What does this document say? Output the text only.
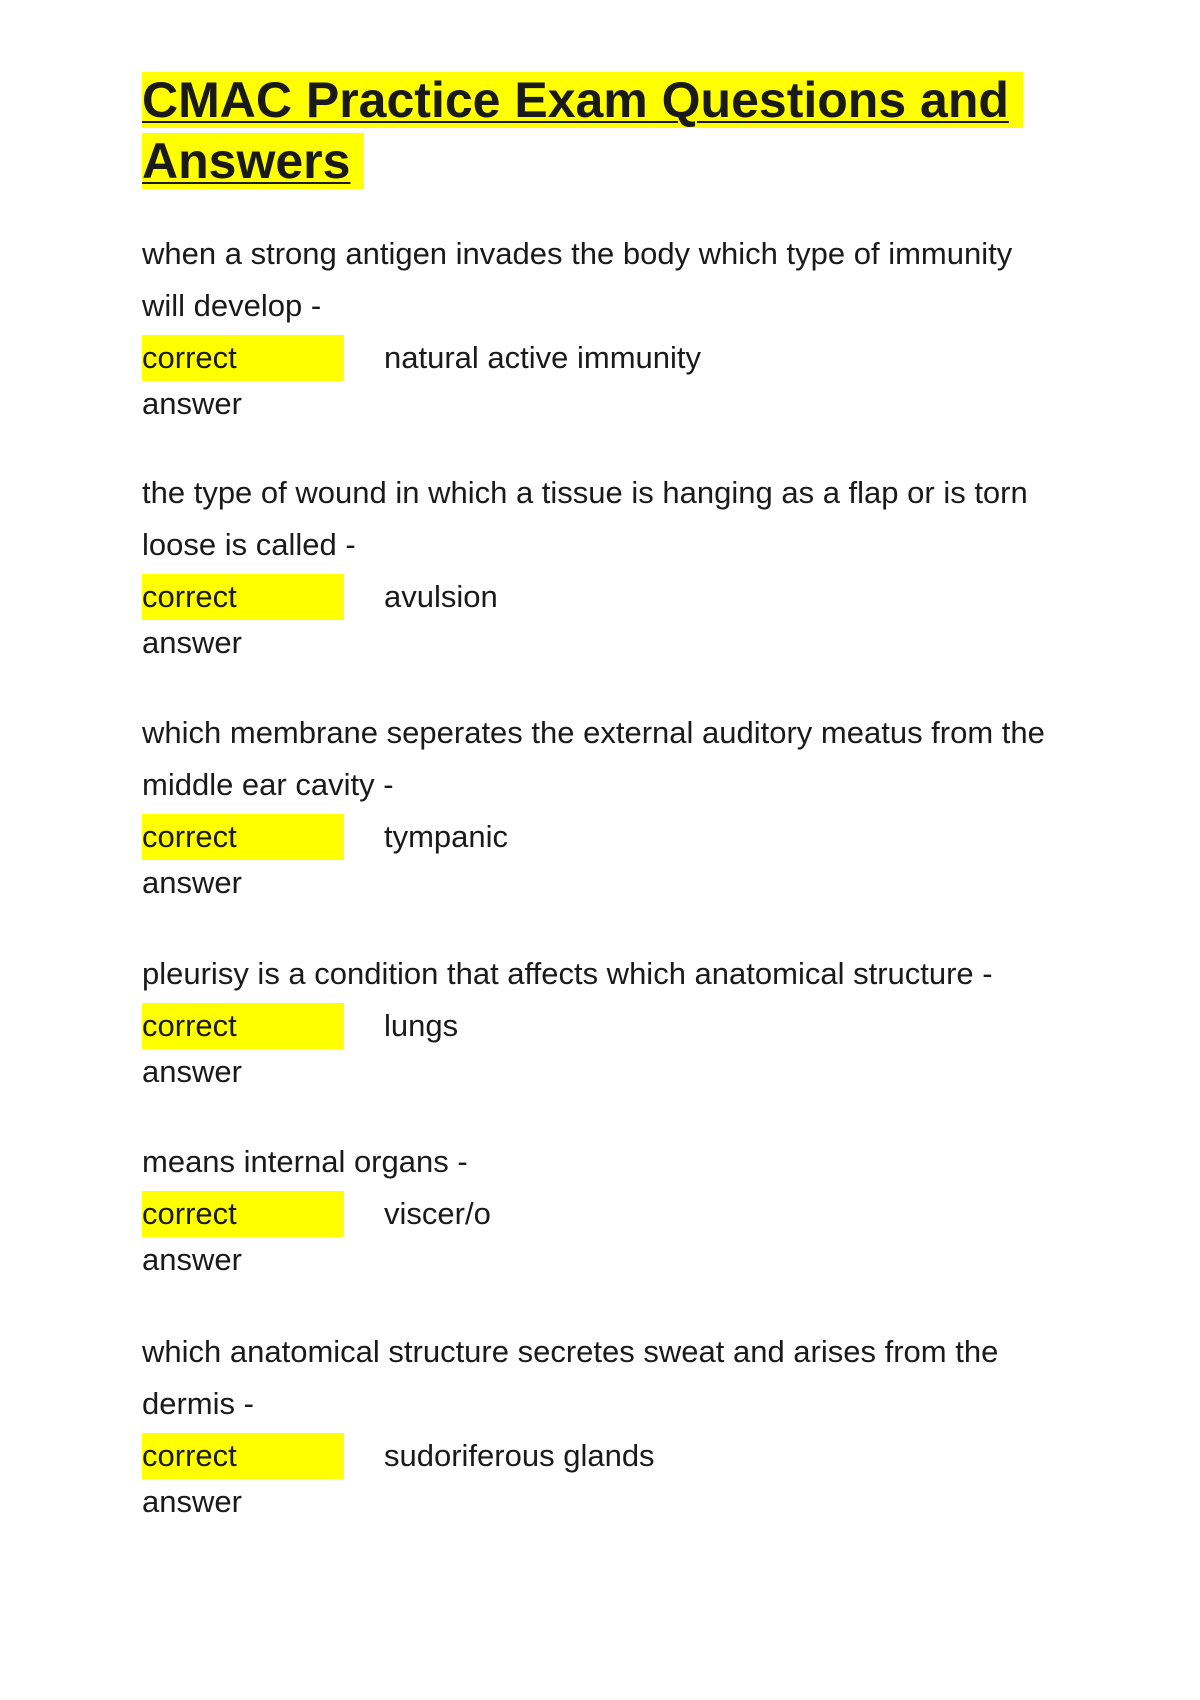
CMAC Practice Exam Questions and Answers

when a strong antigen invades the body which type of immunity will develop -

correct answer
natural active immunity

the type of wound in which a tissue is hanging as a flap or is torn loose is called -

correct answer
avulsion

which membrane seperates the external auditory meatus from the middle ear cavity -

correct answer
tympanic

pleurisy is a condition that affects which anatomical structure -

correct answer
lungs

means internal organs -

correct answer
viscer/o

which anatomical structure secretes sweat and arises from the dermis -

correct answer
sudoriferous glands
